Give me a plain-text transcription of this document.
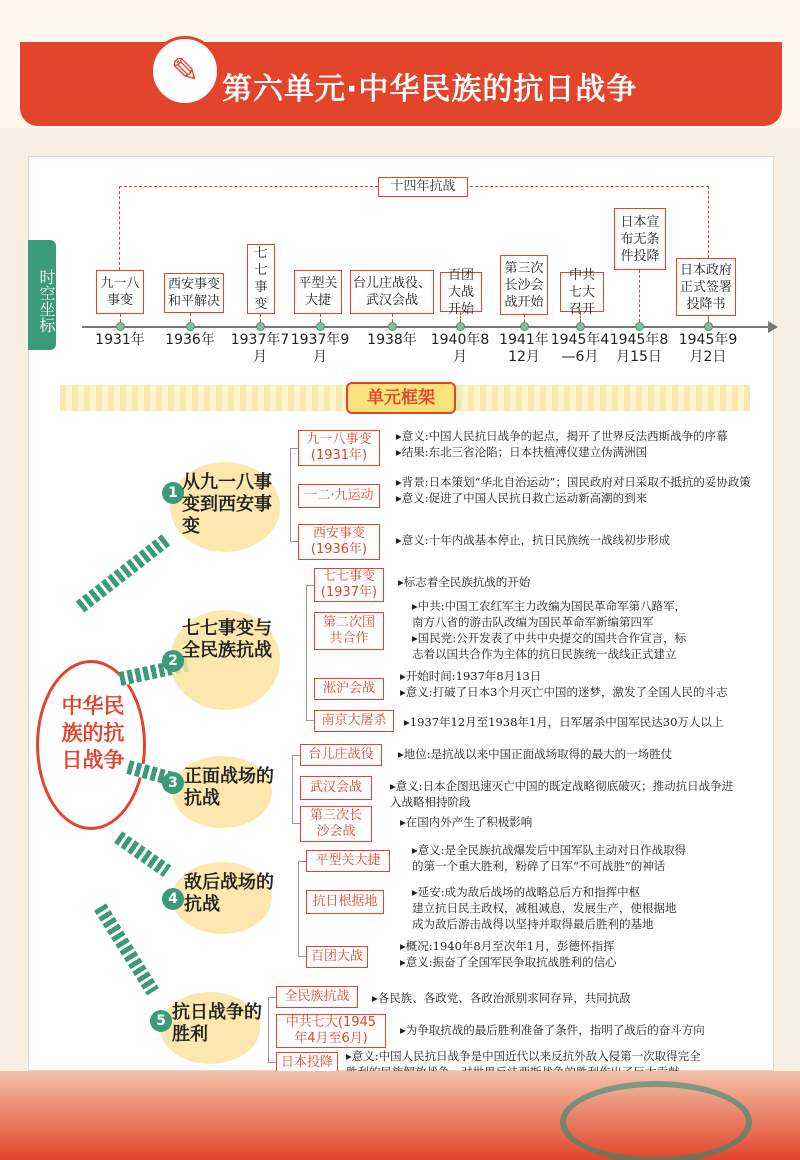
✎ 第六单元·中华民族的抗日战争
时空坐标
十四年抗战
九一八事变
1931年
西安事变和平解决
1936年
七七事变
1937年7月
平型关大捷
1937年9月
台儿庄战役、武汉会战
1938年
百团大战开始
1940年8月
第三次长沙会战开始
1941年12月
中共七大召开
1945年4—6月
日本宣布无条件投降
1945年8月15日
日本政府正式签署投降书
1945年9月2日
单元框架
中华民族的抗日战争
1 从九一八事变到西安事变
九一八事变(1931年)
▸意义:中国人民抗日战争的起点，揭开了世界反法西斯战争的序幕
▸结果:东北三省沦陷；日本扶植溥仪建立伪满洲国
一二·九运动
▸背景:日本策划“华北自治运动”；国民政府对日采取不抵抗的妥协政策
▸意义:促进了中国人民抗日救亡运动新高潮的到来
西安事变(1936年)
▸意义:十年内战基本停止，抗日民族统一战线初步形成
2
七七事变与全民族抗战
七七事变(1937年)
▸标志着全民族抗战的开始
第二次国共合作
▸中共:中国工农红军主力改编为国民革命军第八路军，
南方八省的游击队改编为国民革命军新编第四军
▸国民党:公开发表了中共中央提交的国共合作宣言，标
志着以国共合作为主体的抗日民族统一战线正式建立
淞沪会战
▸开始时间:1937年8月13日
▸意义:打破了日本3个月灭亡中国的迷梦，激发了全国人民的斗志
南京大屠杀	▸1937年12月至1938年1月，日军屠杀中国军民达30万人以上
3 正面战场的抗战
台儿庄战役	▸地位:是抗战以来中国正面战场取得的最大的一场胜仗
武汉会战	▸意义:日本企图迅速灭亡中国的既定战略彻底破灭；推动抗日战争进
入战略相持阶段
第三次长沙会战
▸在国内外产生了积极影响
4
敌后战场的抗战
平型关大捷
▸意义:是全民族抗战爆发后中国军队主动对日作战取得
的第一个重大胜利，粉碎了日军“不可战胜”的神话
抗日根据地
▸延安:成为敌后战场的战略总后方和指挥中枢
建立抗日民主政权，减租减息，发展生产，使根据地
成为敌后游击战得以坚持并取得最后胜利的基地
百团大战
▸概况:1940年8月至次年1月，彭德怀指挥
▸意义:振奋了全国军民争取抗战胜利的信心
5 抗日战争的胜利
全民族抗战	▸各民族、各政党、各政治派别求同存异，共同抗敌
中共七大(1945年4月至6月)
▸为争取抗战的最后胜利准备了条件，指明了战后的奋斗方向
日本投降	▸意义:中国人民抗日战争是中国近代以来反抗外敌入侵第一次取得完全
